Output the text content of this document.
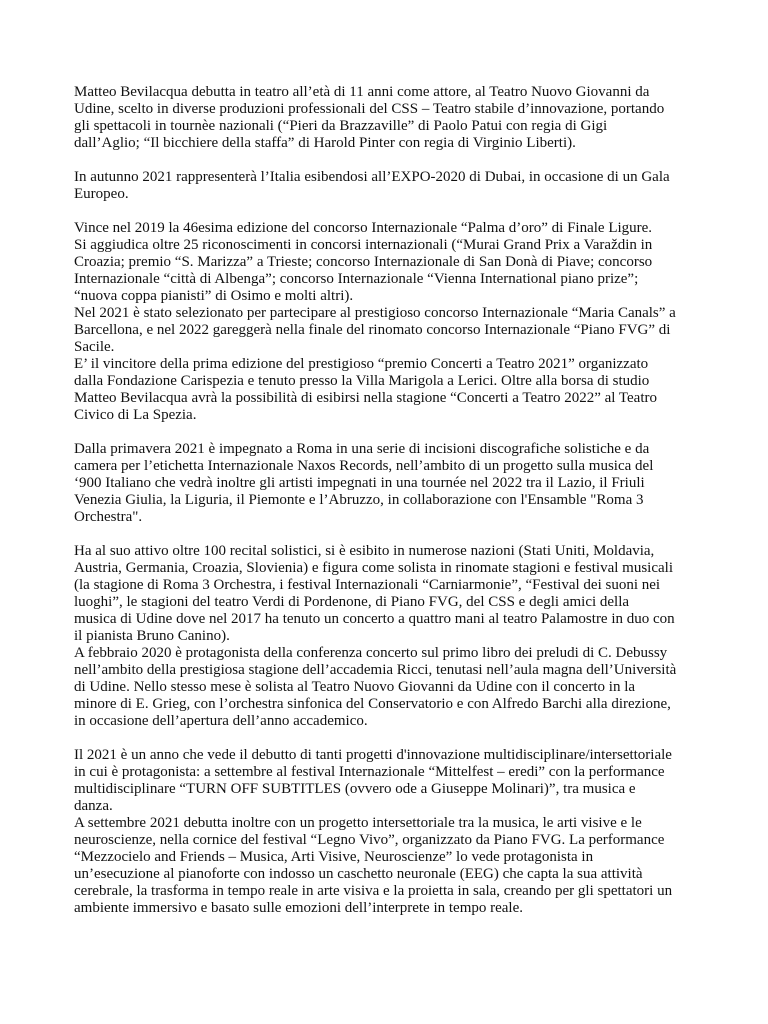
Matteo Bevilacqua debutta in teatro all’età di 11 anni come attore, al Teatro Nuovo Giovanni da
Udine, scelto in diverse produzioni professionali del CSS – Teatro stabile d’innovazione, portando
gli spettacoli in tournèe nazionali (“Pieri da Brazzaville” di Paolo Patui con regia di Gigi
dall’Aglio; “Il bicchiere della staffa” di Harold Pinter con regia di Virginio Liberti).
In autunno 2021 rappresenterà l’Italia esibendosi all’EXPO-2020 di Dubai, in occasione di un Gala
Europeo.
Vince nel 2019 la 46esima edizione del concorso Internazionale “Palma d’oro” di Finale Ligure.
Si aggiudica oltre 25 riconoscimenti in concorsi internazionali (“Murai Grand Prix a Varaždin in
Croazia; premio “S. Marizza” a Trieste; concorso Internazionale di San Donà di Piave; concorso
Internazionale “città di Albenga”; concorso Internazionale “Vienna International piano prize”;
“nuova coppa pianisti” di Osimo e molti altri).
Nel 2021 è stato selezionato per partecipare al prestigioso concorso Internazionale “Maria Canals” a
Barcellona, e nel 2022 gareggerà nella finale del rinomato concorso Internazionale “Piano FVG” di
Sacile.
E’ il vincitore della prima edizione del prestigioso “premio Concerti a Teatro 2021” organizzato
dalla Fondazione Carispezia e tenuto presso la Villa Marigola a Lerici. Oltre alla borsa di studio
Matteo Bevilacqua avrà la possibilità di esibirsi nella stagione “Concerti a Teatro 2022” al Teatro
Civico di La Spezia.
Dalla primavera 2021 è impegnato a Roma in una serie di incisioni discografiche solistiche e da
camera per l’etichetta Internazionale Naxos Records, nell’ambito di un progetto sulla musica del
‘900 Italiano che vedrà inoltre gli artisti impegnati in una tournée nel 2022 tra il Lazio, il Friuli
Venezia Giulia, la Liguria, il Piemonte e l’Abruzzo, in collaborazione con l'Ensamble "Roma 3
Orchestra".
Ha al suo attivo oltre 100 recital solistici, si è esibito in numerose nazioni (Stati Uniti, Moldavia,
Austria, Germania, Croazia, Slovienia) e figura come solista in rinomate stagioni e festival musicali
(la stagione di Roma 3 Orchestra, i festival Internazionali “Carniarmonie”, “Festival dei suoni nei
luoghi”, le stagioni del teatro Verdi di Pordenone, di Piano FVG, del CSS e degli amici della
musica di Udine dove nel 2017 ha tenuto un concerto a quattro mani al teatro Palamostre in duo con
il pianista Bruno Canino).
A febbraio 2020 è protagonista della conferenza concerto sul primo libro dei preludi di C. Debussy
nell’ambito della prestigiosa stagione dell’accademia Ricci, tenutasi nell’aula magna dell’Università
di Udine. Nello stesso mese è solista al Teatro Nuovo Giovanni da Udine con il concerto in la
minore di E. Grieg, con l’orchestra sinfonica del Conservatorio e con Alfredo Barchi alla direzione,
in occasione dell’apertura dell’anno accademico.
Il 2021 è un anno che vede il debutto di tanti progetti d'innovazione multidisciplinare/intersettoriale
in cui è protagonista: a settembre al festival Internazionale “Mittelfest – eredi” con la performance
multidisciplinare “TURN OFF SUBTITLES (ovvero ode a Giuseppe Molinari)”, tra musica e
danza.
A settembre 2021 debutta inoltre con un progetto intersettoriale tra la musica, le arti visive e le
neuroscienze, nella cornice del festival “Legno Vivo”, organizzato da Piano FVG. La performance
“Mezzocielo and Friends – Musica, Arti Visive, Neuroscienze” lo vede protagonista in
un’esecuzione al pianoforte con indosso un caschetto neuronale (EEG) che capta la sua attività
cerebrale, la trasforma in tempo reale in arte visiva e la proietta in sala, creando per gli spettatori un
ambiente immersivo e basato sulle emozioni dell’interprete in tempo reale.
